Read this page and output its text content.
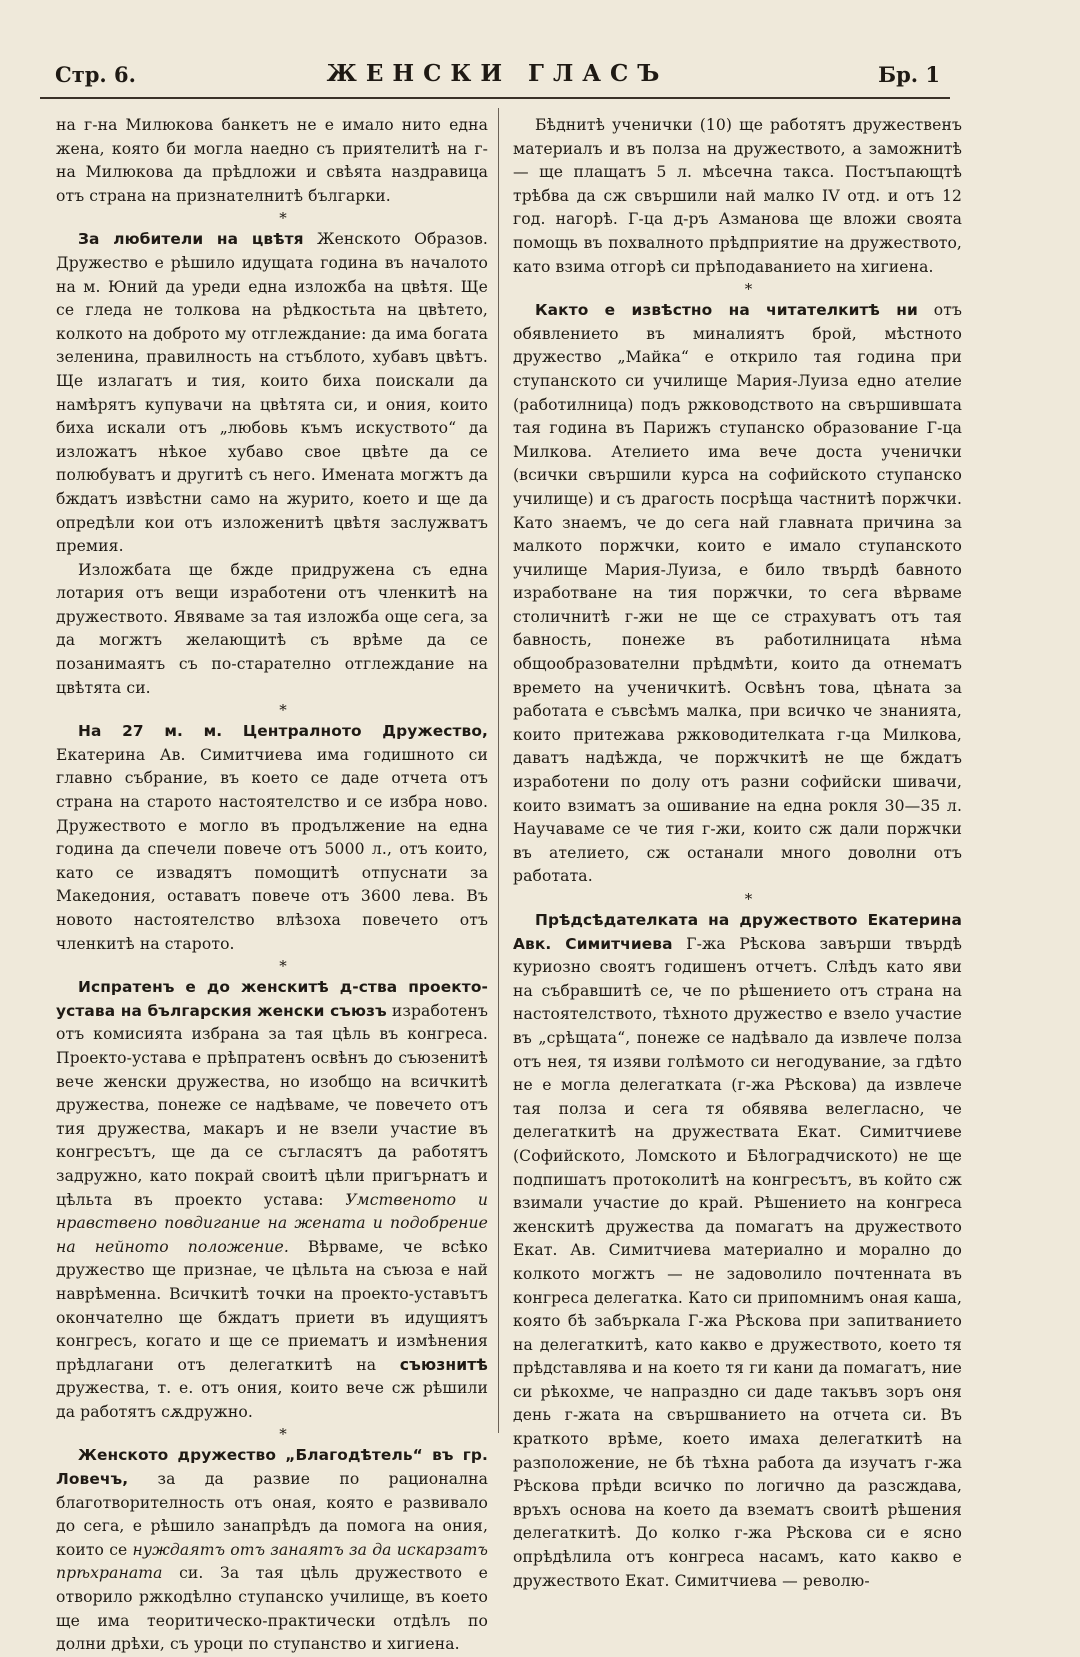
Стр. 6.	ЖЕНСКИ ГЛАСЪ	Бр. 1

на г-на Милюкова банкетъ не е имало нито една жена, която би могла наедно съ приятелитѣ на г-на Милюкова да прѣдложи и свѣята наздравица отъ страна на признателнитѣ българки.

*

За любители на цвѣтя Женското Образов. Дружество е рѣшило идущата година въ началото на м. Юний да уреди една изложба на цвѣтя. Ще се гледа не толкова на рѣдкостьта на цвѣтето, колкото на доброто му отглеждание: да има богата зеленина, правилность на стъблото, хубавъ цвѣтъ. Ще излагатъ и тия, които биха поискали да намѣрятъ купувачи на цвѣтята си, и ония, които биха искали отъ „любовь къмъ искуството“ да изложатъ нѣкое хубаво свое цвѣте да се полюбуватъ и другитѣ съ него. Имената могжтъ да бждатъ извѣстни само на журито, което и ще да опредѣли кои отъ изложенитѣ цвѣтя заслужватъ премия.

Изложбата ще бжде придружена съ една лотария отъ вещи изработени отъ членкитѣ на дружеството. Явяваме за тая изложба още сега, за да могжтъ желающитѣ съ врѣме да се позанимаятъ съ по-старателно отглеждание на цвѣтята си.

*

На 27 м. м. Централното Дружество, Екатерина Ав. Симитчиева има годишното си главно събрание, въ което се даде отчета отъ страна на старото настоятелство и се избра ново. Дружеството е могло въ продължение на една година да спечели повече отъ 5000 л., отъ които, като се извадятъ помощитѣ отпуснати за Македония, оставатъ повече отъ 3600 лева. Въ новото настоятелство влѣзоха повечето отъ членкитѣ на старото.

*

Испратенъ е до женскитѣ д-ства проекто-устава на българския женски съюзъ изработенъ отъ комисията избрана за тая цѣль въ конгреса. Проекто-устава е прѣпратенъ освѣнъ до съюзенитѣ вече женски дружества, но изобщо на всичкитѣ дружества, понеже се надѣваме, че повечето отъ тия дружества, макаръ и не взели участие въ конгресътъ, ще да се съгласятъ да работятъ задружно, като покрай своитѣ цѣли пригърнатъ и цѣльта въ проекто устава: Умственото и нравствено повдигание на жената и подобрение на нейното положение. Вѣрваме, че всѣко дружество ще признае, че цѣльта на съюза е най наврѣменна. Всичкитѣ точки на проекто-уставътъ окончателно ще бждатъ приети въ идущиятъ конгресъ, когато и ще се приематъ и измѣнения прѣдлагани отъ делегаткитѣ на съюзнитѣ дружества, т. е. отъ ония, които вече сж рѣшили да работятъ сѫдружно.

*

Женското дружество „Благодѣтель“ въ гр. Ловечъ, за да развие по рационална благотворителность отъ оная, която е развивало до сега, е рѣшило занапрѣдъ да помога на ония, които се нуждаятъ отъ занаятъ за да искарзатъ прѣхраната си. За тая цѣль дружеството е отворило ржкодѣлно ступанско училище, въ което ще има теоритическо-практически отдѣлъ по долни дрѣхи, съ уроци по ступанство и хигиена.

Бѣднитѣ ученички (10) ще работятъ дружественъ материалъ и въ полза на дружеството, а заможнитѣ — ще плащатъ 5 л. мѣсечна такса. Постъпающтѣ трѣбва да сж свършили най малко IV отд. и отъ 12 год. нагорѣ. Г-ца д-ръ Азманова ще вложи своята помощь въ похвалното прѣдприятие на дружеството, като взима отгорѣ си прѣподаванието на хигиена.

*

Както е извѣстно на читателкитѣ ни отъ обявлението въ миналиятъ брой, мѣстното дружество „Майка“ е открило тая година при ступанското си училище Мария-Луиза едно ателие (работилница) подъ ржководството на свършившата тая година въ Парижъ ступанско образование Г-ца Милкова. Ателието има вече доста ученички (всички свършили курса на софийското ступанско училище) и съ драгость посрѣща частнитѣ поржчки. Като знаемъ, че до сега най главната причина за малкото поржчки, които е имало ступанското училище Мария-Луиза, е било твърдѣ бавното изработване на тия поржчки, то сега вѣрваме столичнитѣ г-жи не ще се страхуватъ отъ тая бавность, понеже въ работилницата нѣма общообразователни прѣдмѣти, които да отнематъ времето на ученичкитѣ. Освѣнъ това, цѣната за работата е съвсѣмъ малка, при всичко че знанията, които притежава ржководителката г-ца Милкова, даватъ надѣжда, че поржчкитѣ не ще бждатъ изработени по долу отъ разни софийски шивачи, които взиматъ за ошивание на една рокля 30—35 л. Научаваме се че тия г-жи, които сж дали поржчки въ ателието, сж останали много доволни отъ работата.

*

Прѣдсѣдателката на дружеството Екатерина Авк. Симитчиева Г-жа Рѣскова завърши твърдѣ куриозно своятъ годишенъ отчетъ. Слѣдъ като яви на събравшитѣ се, че по рѣшението отъ страна на настоятелството, тѣхното дружество е взело участие въ „срѣщата“, понеже се надѣвало да извлече полза отъ нея, тя изяви голѣмото си негодувание, за гдѣто не е могла делегатката (г-жа Рѣскова) да извлече тая полза и сега тя обявява велегласно, че делегаткитѣ на дружествата Екат. Симитчиеве (Софийското, Ломското и Бѣлоградчиското) не ще подпишатъ протоколитѣ на конгресътъ, въ който сж взимали участие до край. Рѣшението на конгреса женскитѣ дружества да помагатъ на дружеството Екат. Ав. Симитчиева материално и морално до колкото могжтъ — не задоволило почтенната въ конгреса делегатка. Като си припомнимъ оная каша, която бѣ забъркала Г-жа Рѣскова при запитванието на делегаткитѣ, като какво е дружеството, което тя прѣдставлява и на което тя ги кани да помагатъ, ние си рѣкохме, че напраздно си даде такъвъ зоръ оня день г-жата на свършванието на отчета си. Въ краткото врѣме, което имаха делегаткитѣ на разположение, не бѣ тѣхна работа да изучатъ г-жа Рѣскова прѣди всичко по логично да разсждава, връхъ основа на което да взематъ своитѣ рѣшения делегаткитѣ. До колко г-жа Рѣскова си е ясно опрѣдѣлила отъ конгреса насамъ, като какво е дружеството Екат. Симитчиева — револю-
